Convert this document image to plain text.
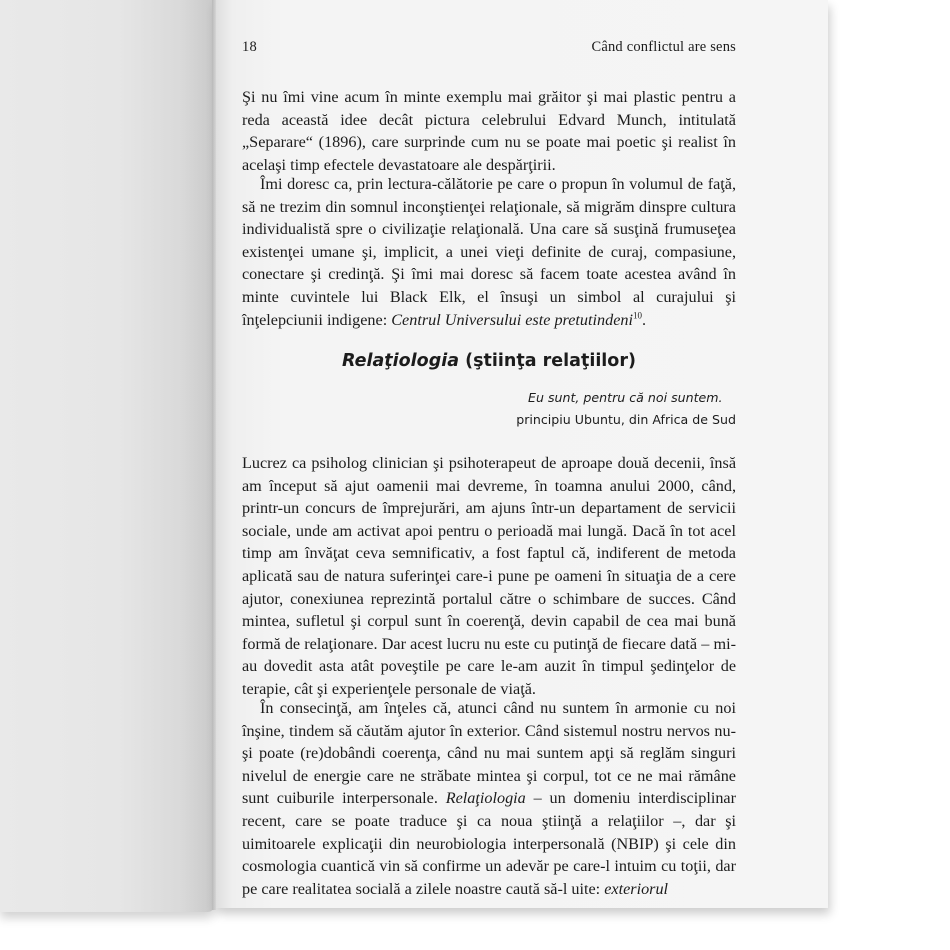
18	Când conflictul are sens

Şi nu îmi vine acum în minte exemplu mai grăitor şi mai plastic pentru a reda această idee decât pictura celebrului Edvard Munch, intitulată „Separare“ (1896), care surprinde cum nu se poate mai poetic şi realist în acelaşi timp efectele devastatoare ale despărţirii.

Îmi doresc ca, prin lectura-călătorie pe care o propun în volumul de faţă, să ne trezim din somnul inconştienţei relaţionale, să migrăm dinspre cultura individualistă spre o civilizaţie relaţională. Una care să susţină frumuseţea existenţei umane şi, implicit, a unei vieţi definite de curaj, compasiune, conectare şi credinţă. Şi îmi mai doresc să facem toate acestea având în minte cuvintele lui Black Elk, el însuşi un simbol al curajului şi înţelepciunii indigene: Centrul Universului este pretutindeni$^{10}$.

Relaţiologia (ştiinţa relaţiilor)
Eu sunt, pentru că noi suntem.
principiu Ubuntu, din Africa de Sud

Lucrez ca psiholog clinician şi psihoterapeut de aproape două decenii, însă am început să ajut oamenii mai devreme, în toamna anului 2000, când, printr-un concurs de împrejurări, am ajuns într-un departament de servicii sociale, unde am activat apoi pentru o perioadă mai lungă. Dacă în tot acel timp am învăţat ceva semnificativ, a fost faptul că, indiferent de metoda aplicată sau de natura suferinţei care-i pune pe oameni în situaţia de a cere ajutor, conexiunea reprezintă portalul către o schimbare de succes. Când mintea, sufletul şi corpul sunt în coerenţă, devin capabil de cea mai bună formă de relaţionare. Dar acest lucru nu este cu putinţă de fiecare dată – mi-au dovedit asta atât poveştile pe care le-am auzit în timpul şedinţelor de terapie, cât şi experienţele personale de viaţă.

În consecinţă, am înţeles că, atunci când nu suntem în armonie cu noi înşine, tindem să căutăm ajutor în exterior. Când sistemul nostru nervos nu-şi poate (re)dobândi coerenţa, când nu mai suntem apţi să reglăm singuri nivelul de energie care ne străbate mintea şi corpul, tot ce ne mai rămâne sunt cuiburile interpersonale. Relaţiologia – un domeniu interdisciplinar recent, care se poate traduce şi ca noua ştiinţă a relaţiilor –, dar şi uimitoarele explicaţii din neurobiologia interpersonală (NBIP) şi cele din cosmologia cuantică vin să confirme un adevăr pe care-l intuim cu toţii, dar pe care realitatea socială a zilele noastre caută să-l uite: exteriorul
